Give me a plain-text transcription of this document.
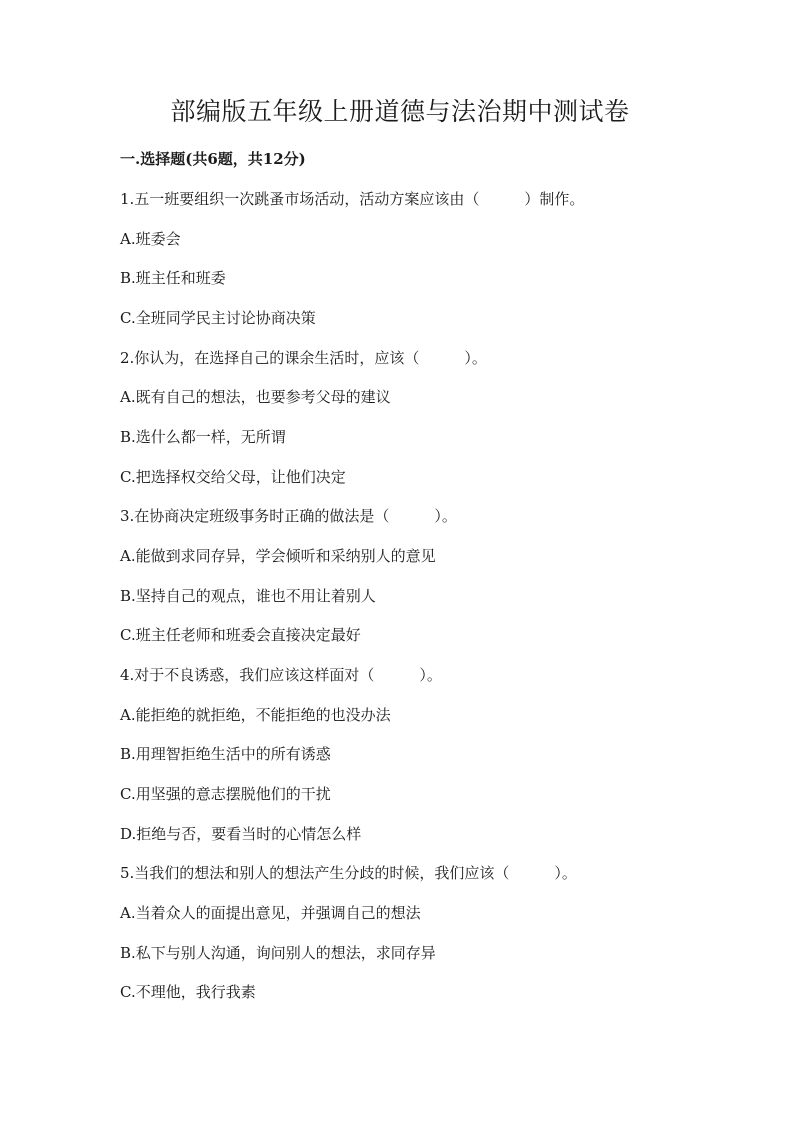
部编版五年级上册道德与法治期中测试卷
一.选择题(共6题，共12分)

1.五一班要组织一次跳蚤市场活动，活动方案应该由（　　　）制作。

A.班委会

B.班主任和班委

C.全班同学民主讨论协商决策

2.你认为，在选择自己的课余生活时，应该（　　　）。

A.既有自己的想法，也要参考父母的建议

B.选什么都一样，无所谓

C.把选择权交给父母，让他们决定

3.在协商决定班级事务时正确的做法是（　　　）。

A.能做到求同存异，学会倾听和采纳别人的意见

B.坚持自己的观点，谁也不用让着别人

C.班主任老师和班委会直接决定最好

4.对于不良诱惑，我们应该这样面对（　　　）。

A.能拒绝的就拒绝，不能拒绝的也没办法

B.用理智拒绝生活中的所有诱惑

C.用坚强的意志摆脱他们的干扰

D.拒绝与否，要看当时的心情怎么样

5.当我们的想法和别人的想法产生分歧的时候，我们应该（　　　）。

A.当着众人的面提出意见，并强调自己的想法

B.私下与别人沟通，询问别人的想法，求同存异

C.不理他，我行我素
